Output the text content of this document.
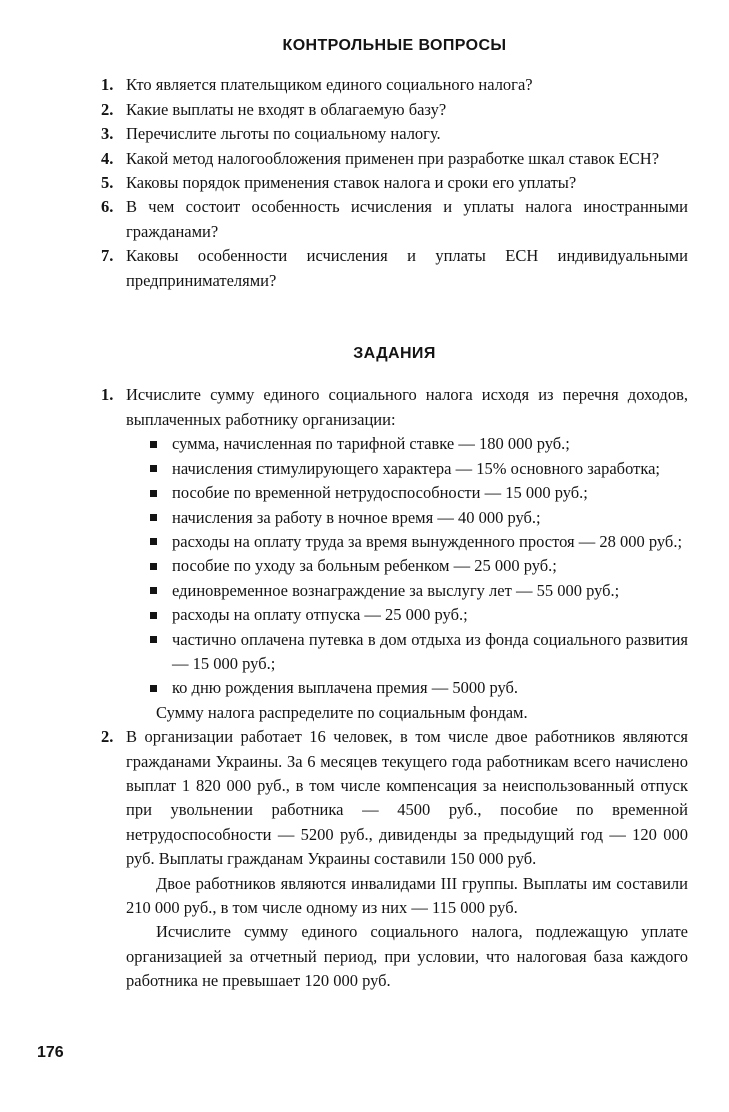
КОНТРОЛЬНЫЕ ВОПРОСЫ
1. Кто является плательщиком единого социального налога?
2. Какие выплаты не входят в облагаемую базу?
3. Перечислите льготы по социальному налогу.
4. Какой метод налогообложения применен при разработке шкал ставок ЕСН?
5. Каковы порядок применения ставок налога и сроки его уплаты?
6. В чем состоит особенность исчисления и уплаты налога иностранными гражданами?
7. Каковы особенности исчисления и уплаты ЕСН индивидуальными предпринимателями?
ЗАДАНИЯ
1. Исчислите сумму единого социального налога исходя из перечня доходов, выплаченных работнику организации:

сумма, начисленная по тарифной ставке — 180 000 руб.;
начисления стимулирующего характера — 15% основного заработка;
пособие по временной нетрудоспособности — 15 000 руб.;
начисления за работу в ночное время — 40 000 руб.;
расходы на оплату труда за время вынужденного простоя — 28 000 руб.;
пособие по уходу за больным ребенком — 25 000 руб.;
единовременное вознаграждение за выслугу лет — 55 000 руб.;
расходы на оплату отпуска — 25 000 руб.;
частично оплачена путевка в дом отдыха из фонда социального развития — 15 000 руб.;
ко дню рождения выплачена премия — 5000 руб.

Сумму налога распределите по социальным фондам.

2. В организации работает 16 человек, в том числе двое работников являются гражданами Украины. За 6 месяцев текущего года работникам всего начислено выплат 1 820 000 руб., в том числе компенсация за неиспользованный отпуск при увольнении работника — 4500 руб., пособие по временной нетрудоспособности — 5200 руб., дивиденды за предыдущий год — 120 000 руб. Выплаты гражданам Украины составили 150 000 руб.

Двое работников являются инвалидами III группы. Выплаты им составили 210 000 руб., в том числе одному из них — 115 000 руб.

Исчислите сумму единого социального налога, подлежащую уплате организацией за отчетный период, при условии, что налоговая база каждого работника не превышает 120 000 руб.

176
